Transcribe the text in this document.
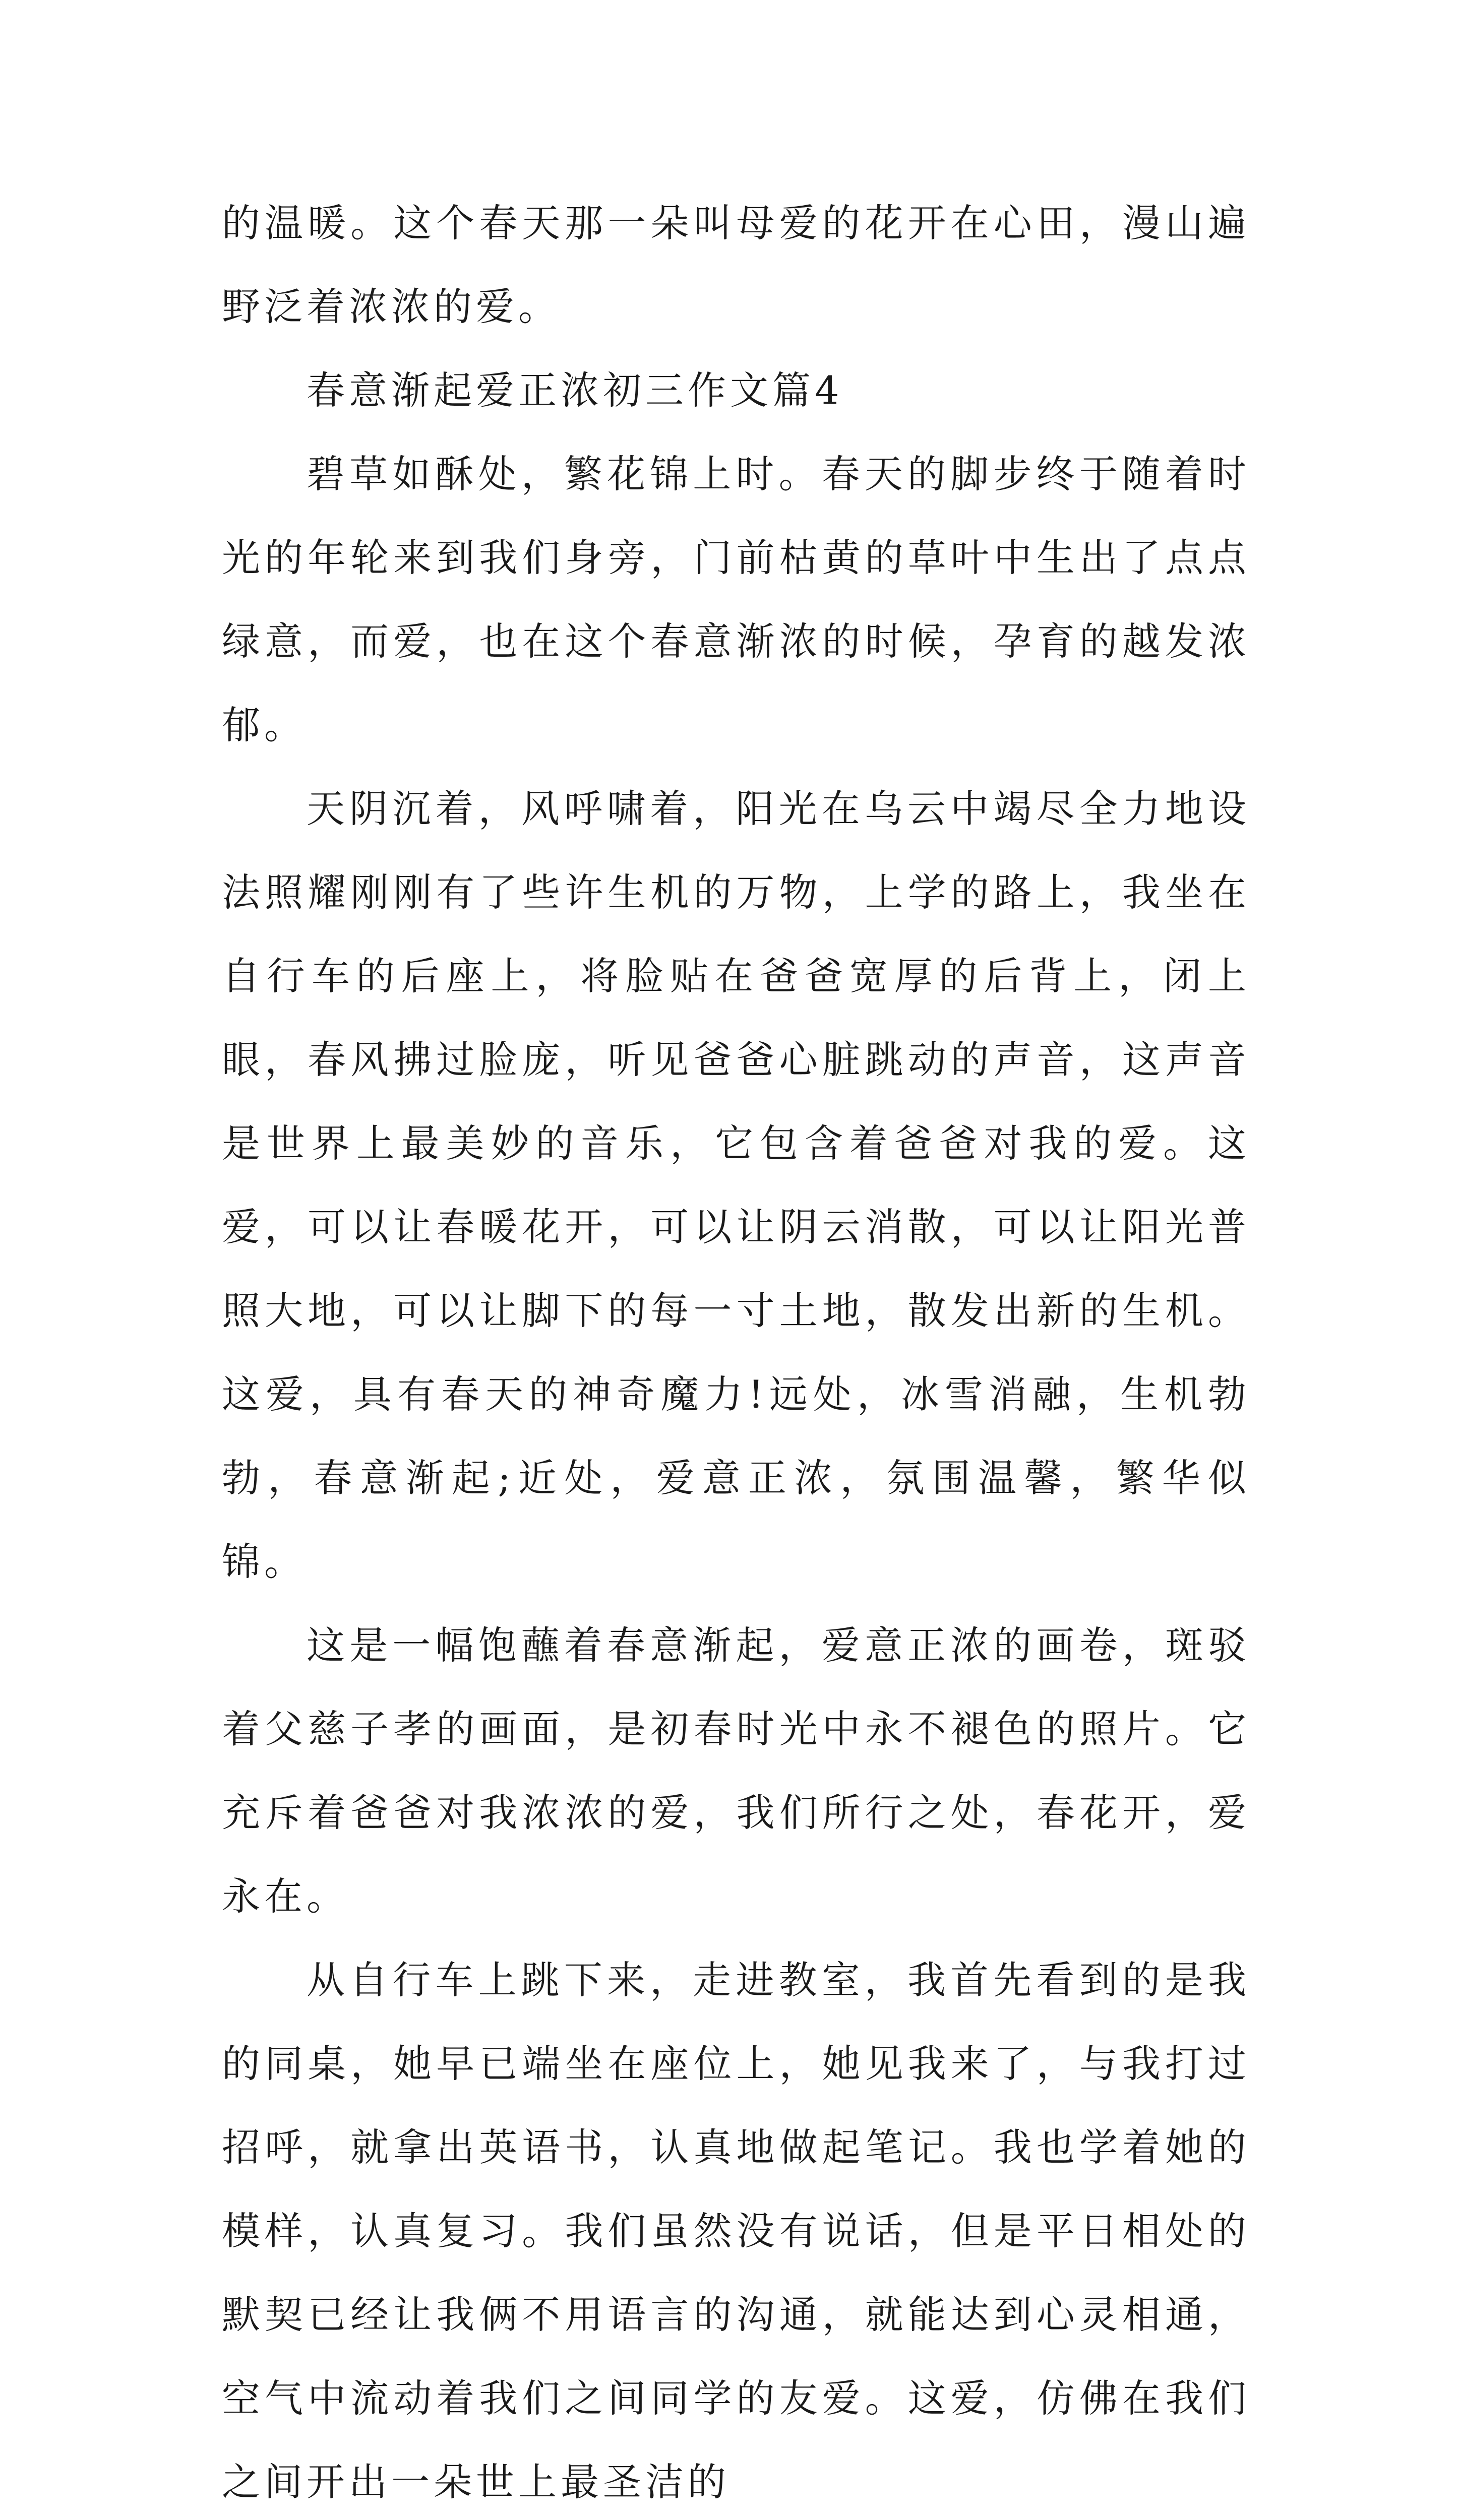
的温暖。这个春天那一朵叫母爱的花开在心田，漫山遍野泛着浓浓的爱。

春意渐起爱正浓初三作文篇4

碧草如酥处，繁花锦上时。春天的脚步终于随着时光的年轮来到我们身旁，门前枯黄的草叶中生出了点点绿意，而爱，也在这个春意渐浓的时候，孕育的越发浓郁。

天阴沉着，风呼啸着，阳光在乌云中竭尽全力地设法照耀刚刚有了些许生机的万物，上学的路上，我坐在自行车的后座上，将脸贴在爸爸宽厚的后背上，闭上眼，春风拂过脸庞，听见爸爸心脏跳动的声音，这声音是世界上最美妙的音乐，它包含着爸爸对我的爱。这爱，可以让春暖花开，可以让阴云消散，可以让阳光普照大地，可以让脚下的每一寸土地，散发出新的生机。这爱，具有春天的神奇魔力!远处，冰雪消融，生机勃勃，春意渐起;近处，爱意正浓，氛围温馨，繁华似锦。

这是一幅饱蘸着春意渐起，爱意正浓的画卷，斑驳着父慈子孝的画面，是初春时光中永不褪色的照片。它充斥着爸爸对我浓浓的爱，我们所行之处，春花开，爱永在。

从自行车上跳下来，走进教室，我首先看到的是我的同桌，她早已端坐在座位上，她见我来了，与我打过招呼，就拿出英语书，认真地做起笔记。我也学着她的模样，认真复习。我们虽然没有说话，但是平日相处的默契已经让我俩不用语言的沟通，就能达到心灵相通，空气中流动着我们之间同学的友爱。这爱，仿佛在我们之间开出一朵世上最圣洁的
